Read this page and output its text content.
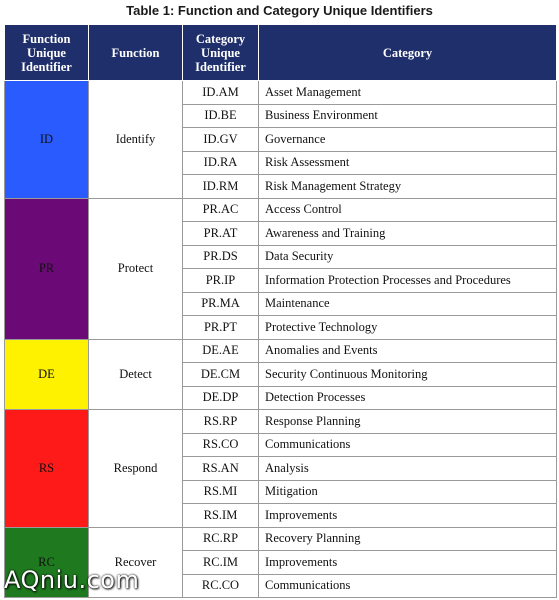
Table 1: Function and Category Unique Identifiers
Function Unique Identifier	Function	Category Unique Identifier	Category
ID	Identify	ID.AM	Asset Management
		ID.BE	Business Environment
		ID.GV	Governance
		ID.RA	Risk Assessment
		ID.RM	Risk Management Strategy
PR	Protect	PR.AC	Access Control
		PR.AT	Awareness and Training
		PR.DS	Data Security
		PR.IP	Information Protection Processes and Procedures
		PR.MA	Maintenance
		PR.PT	Protective Technology
DE	Detect	DE.AE	Anomalies and Events
		DE.CM	Security Continuous Monitoring
		DE.DP	Detection Processes
RS	Respond	RS.RP	Response Planning
		RS.CO	Communications
		RS.AN	Analysis
		RS.MI	Mitigation
		RS.IM	Improvements
RC	Recover	RC.RP	Recovery Planning
		RC.IM	Improvements
		RC.CO	Communications
AQniu.com
